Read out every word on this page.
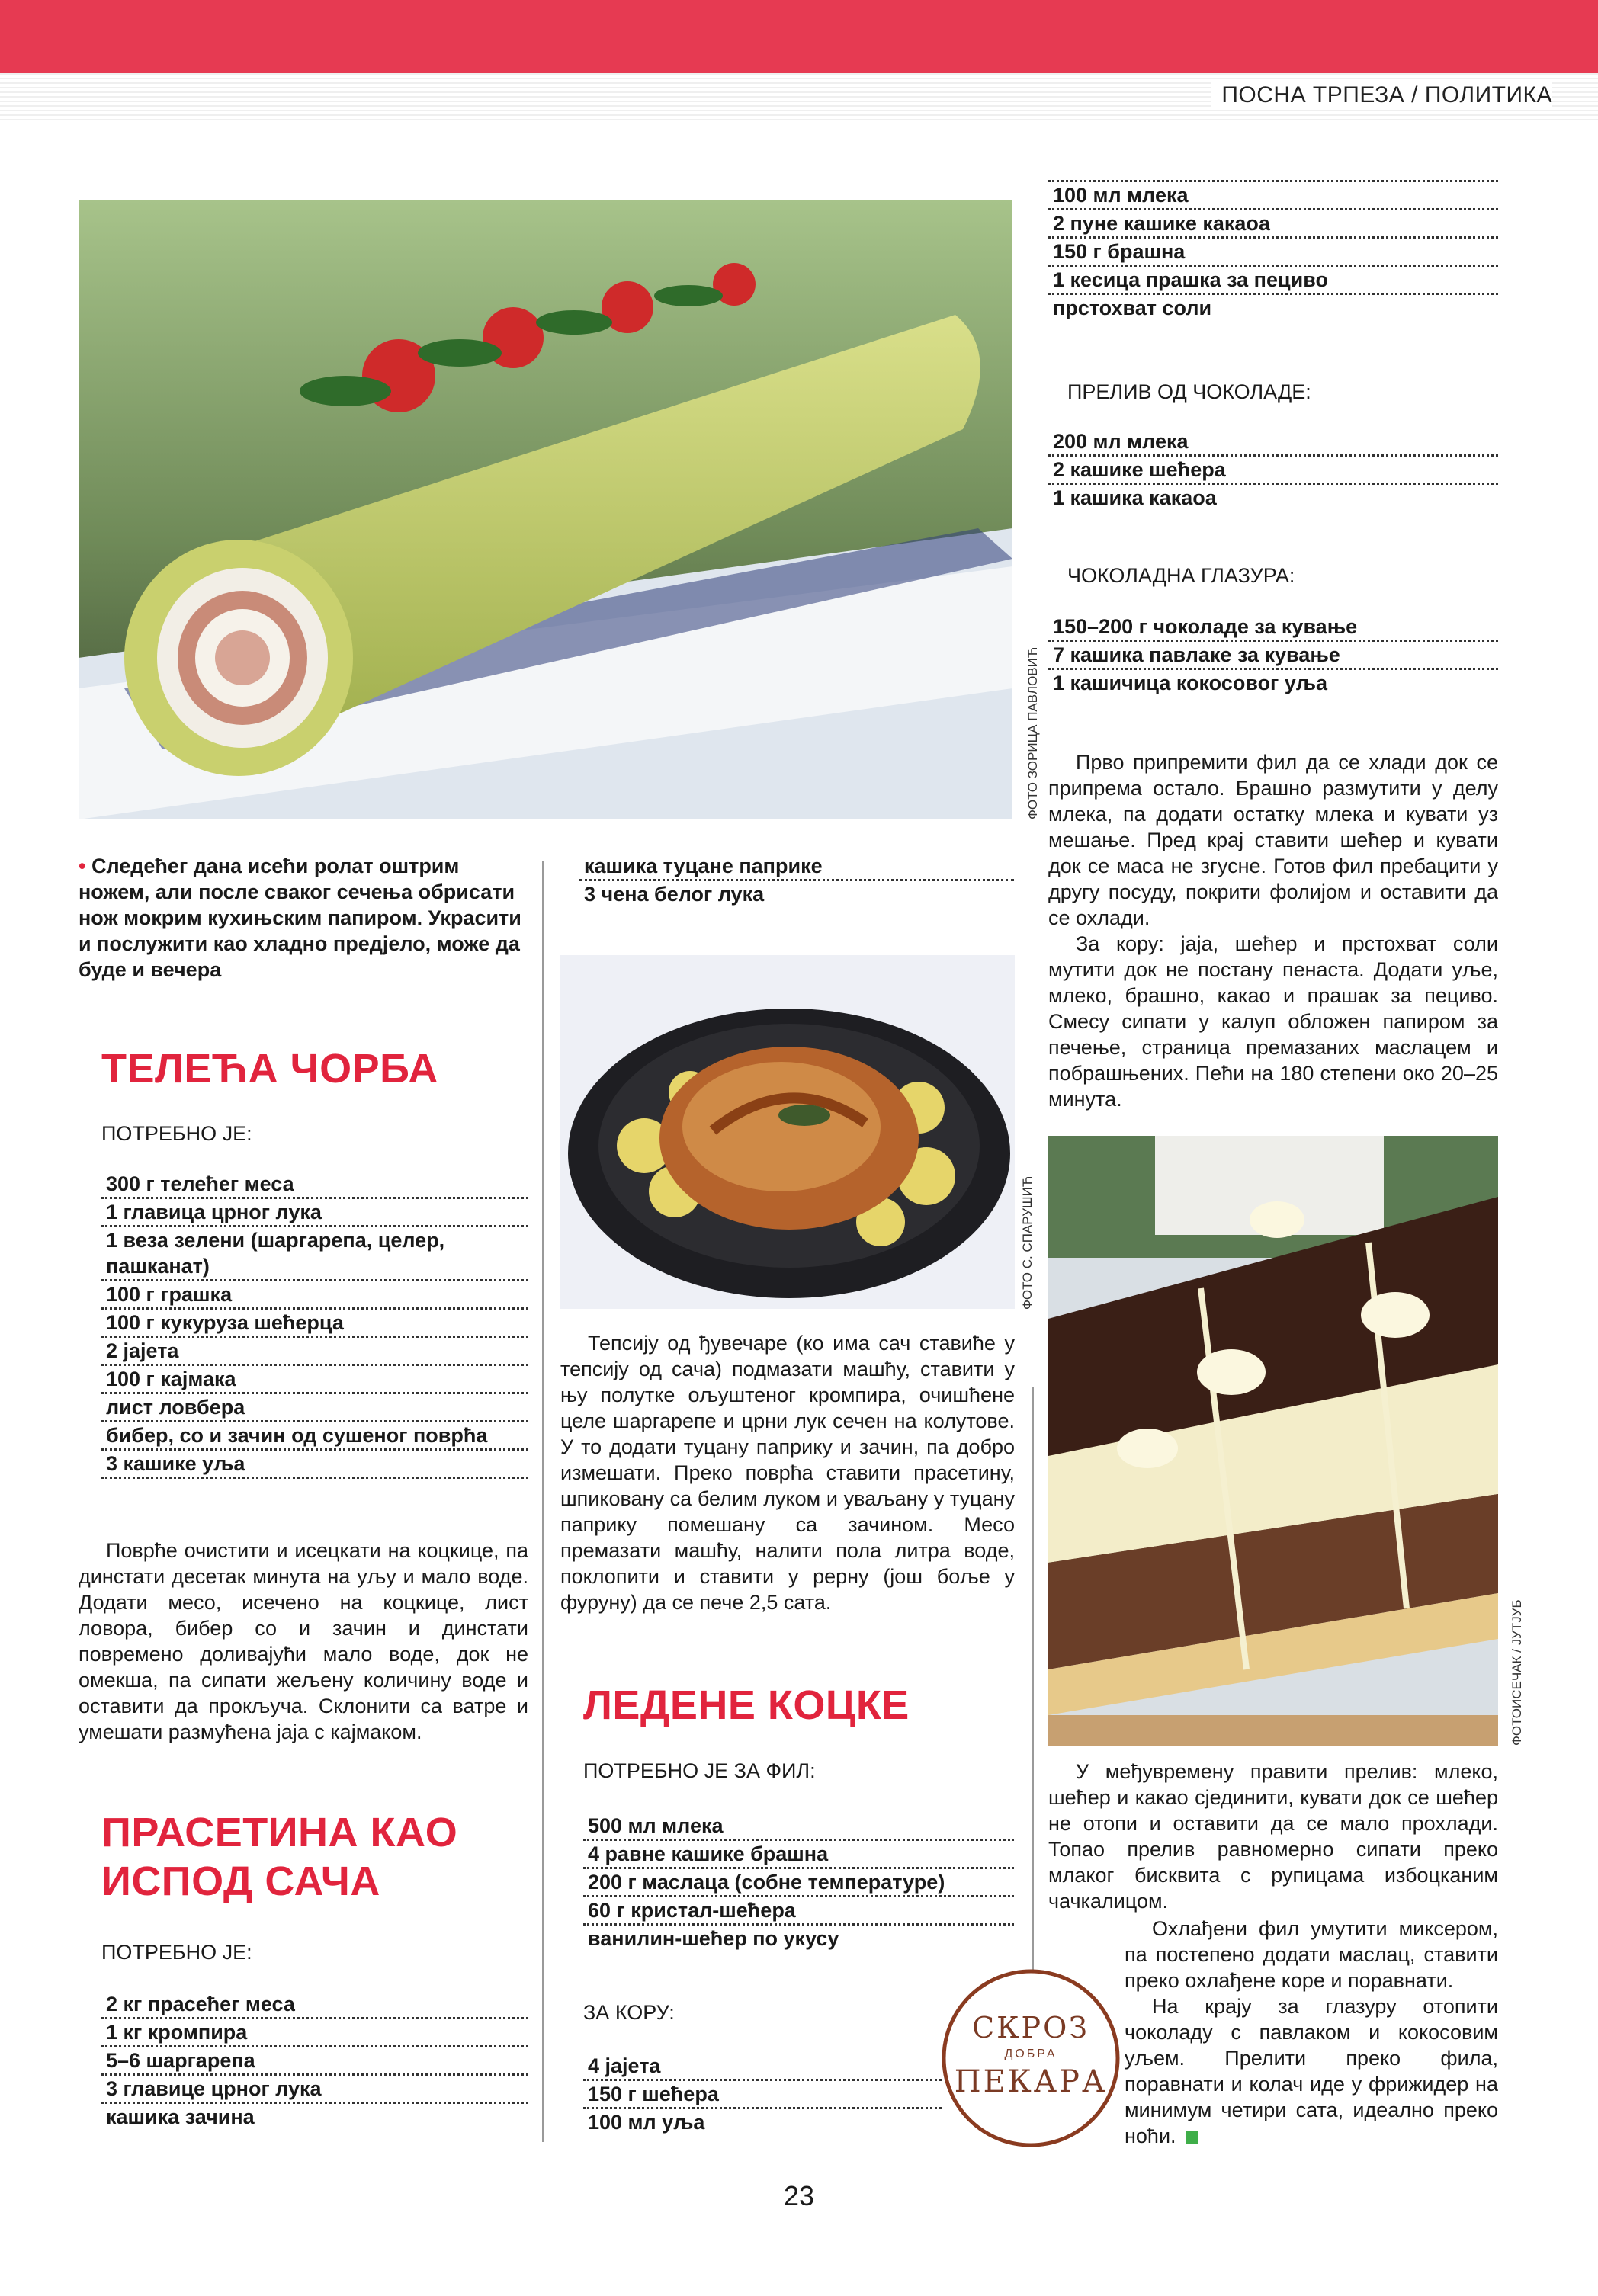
ПОСНА ТРПЕЗА / ПОЛИТИКА
ФОТО ЗОРИЦА ПАВЛОВИЋ
• Следећег дана исећи ролат оштрим ножем, али после сваког сечења обрисати нож мокрим кухињским папиром. Украсити и послужити као хладно предјело, може да буде и вечера
ТЕЛЕЋА ЧОРБА
ПОТРЕБНО ЈЕ:
300 г телећег меса
1 главица црног лука
1 веза зелени (шаргарепа, целер, пашканат)
100 г грашка
100 г кукуруза шећерца
2 јајета
100 г кајмака
лист ловбера
бибер, со и зачин од сушеног поврћа
3 кашике уља

Поврће очистити и исецкати на коцкице, па динстати десетак минута на уљу и мало воде. Додати месо, исечено на коцкице, лист ловора, бибер со и зачин и динстати повремено доливајући мало воде, док не омекша, па сипати жељену количину воде и оставити да прокључа. Склонити са ватре и умешати размућена јаја с кајмаком.

ПРАСЕТИНА КАО
ИСПОД САЧА
ПОТРЕБНО ЈЕ:
2 кг прасећег меса
1 кг кромпира
5–6 шаргарепа
3 главице црног лука
кашика зачина
кашика туцане паприке
3 чена белог лука
ФОТО С. СПАРУШИЋ

Тепсију од ђувечаре (ко има сач ставиће у тепсију од сача) подмазати машћу, ставити у њу полутке ољуштеног кромпира, очишћене целе шаргарепе и црни лук сечен на колутове. У то додати туцану паприку и зачин, па добро измешати. Преко поврћа ставити прасетину, шпиковану са белим луком и уваљану у туцану паприку помешану са зачином. Месо премазати машћу, налити пола литра воде, поклопити и ставити у рерну (још боље у фуруну) да се пече 2,5 сата.

ЛЕДЕНЕ КОЦКЕ
ПОТРЕБНО ЈЕ ЗА ФИЛ:
500 мл млека
4 равне кашике брашна
200 г маслаца (собне температуре)
60 г кристал-шећера
ванилин-шећер по укусу
ЗА КОРУ:
4 јајета
150 г шећера
100 мл уља
СКРОЗ
ДОБРА
ПЕКАРА
100 мл млека
2 пуне кашике какаоа
150 г брашна
1 кесица прашка за пециво
прстохват соли
ПРЕЛИВ ОД ЧОКОЛАДЕ:
200 мл млека
2 кашике шећера
1 кашика какаоа
ЧОКОЛАДНА ГЛАЗУРА:
150–200 г чоколаде за кување
7 кашика павлаке за кување
1 кашичица кокосовог уља

Прво припремити фил да се хлади док се припрема остало. Брашно размутити у делу млека, па додати остатку млека и кувати уз мешање. Пред крај ставити шећер и кувати док се маса не згусне. Готов фил пребацити у другу посуду, покрити фолијом и оставити да се охлади.

За кору: јаја, шећер и прстохват соли мутити док не постану пенаста. Додати уље, млеко, брашно, какао и прашак за пециво. Смесу сипати у калуп обложен папиром за печење, страница премазаних маслацем и побрашњених. Пећи на 180 степени око 20–25 минута.

ФОТОИСЕЧАК / ЈУТЈУБ

У међувремену правити прелив: млеко, шећер и какао сјединити, кувати док се шећер не отопи и оставити да се мало прохлади. Топао прелив равномерно сипати преко млаког бисквита с рупицама избоцканим чачкалицом.

Охлађени фил умутити миксером, па постепено додати маслац, ставити преко охлађене коре и поравнати.

На крају за глазуру отопити чоколаду с павлаком и кокосовим уљем. Прелити преко фила, поравнати и колач иде у фрижидер на минимум четири сата, идеално преко ноћи.

23
